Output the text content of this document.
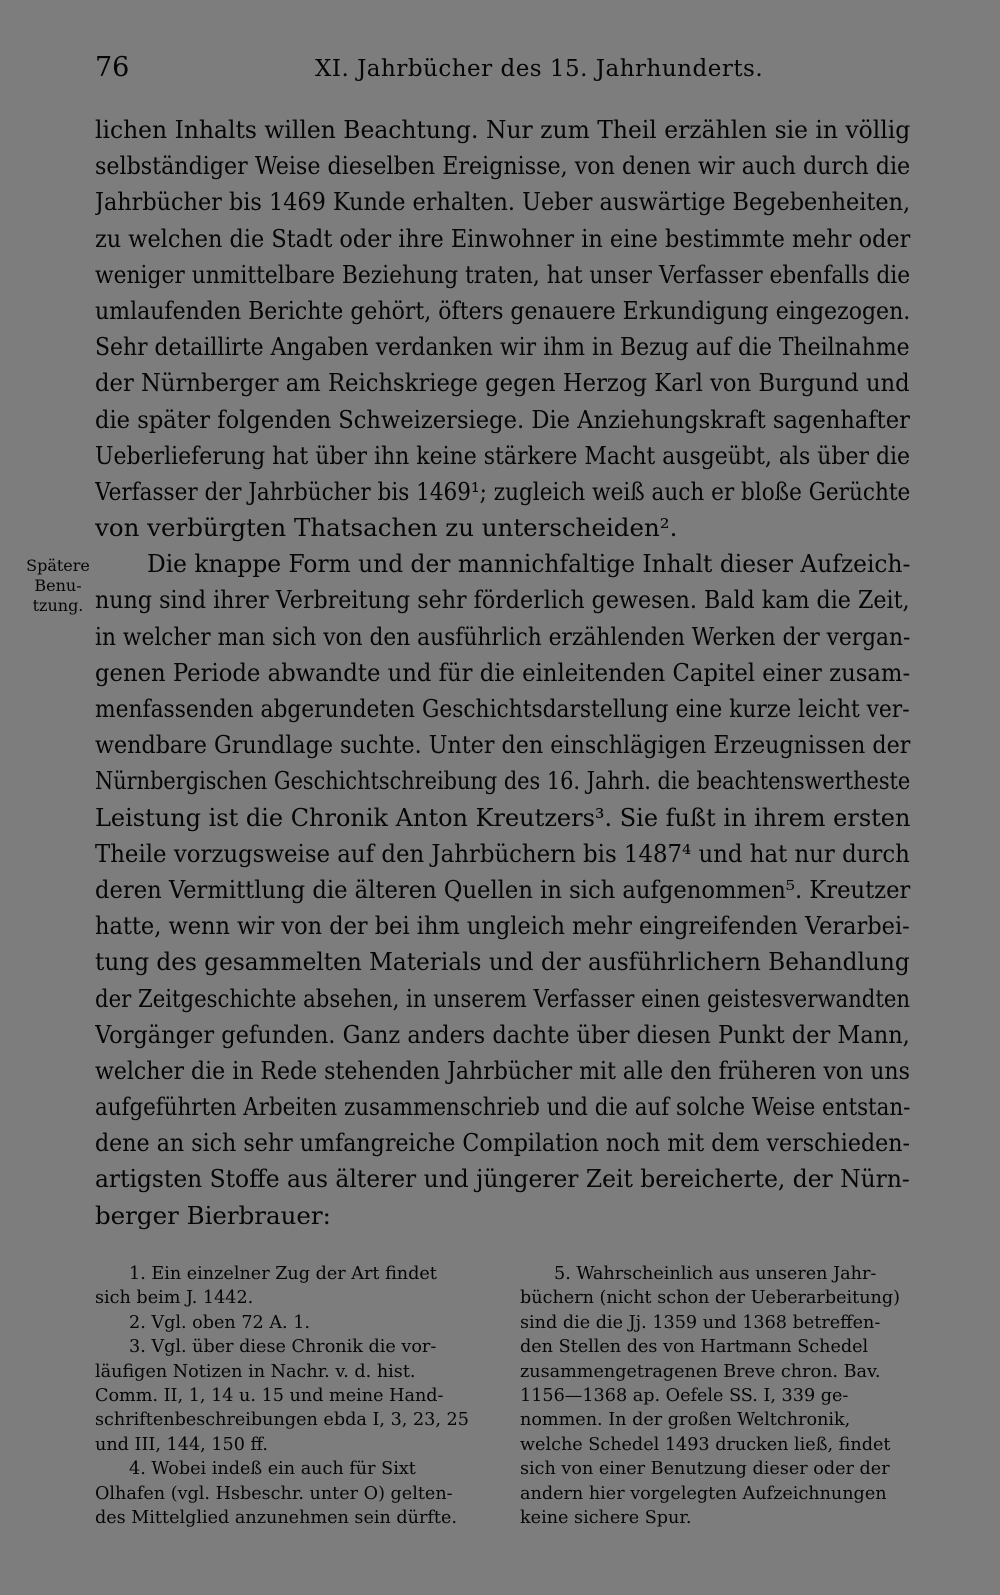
76	XI. Jahrbücher des 15. Jahrhunderts.
Spätere
Benu-
tzung.
lichen Inhalts willen Beachtung. Nur zum Theil erzählen sie in völlig
selbständiger Weise dieselben Ereignisse, von denen wir auch durch die
Jahrbücher bis 1469 Kunde erhalten. Ueber auswärtige Begebenheiten,
zu welchen die Stadt oder ihre Einwohner in eine bestimmte mehr oder
weniger unmittelbare Beziehung traten, hat unser Verfasser ebenfalls die
umlaufenden Berichte gehört, öfters genauere Erkundigung eingezogen.
Sehr detaillirte Angaben verdanken wir ihm in Bezug auf die Theilnahme
der Nürnberger am Reichskriege gegen Herzog Karl von Burgund und
die später folgenden Schweizersiege. Die Anziehungskraft sagenhafter
Ueberlieferung hat über ihn keine stärkere Macht ausgeübt, als über die
Verfasser der Jahrbücher bis 1469¹; zugleich weiß auch er bloße Gerüchte
von verbürgten Thatsachen zu unterscheiden².
Die knappe Form und der mannichfaltige Inhalt dieser Aufzeich-
nung sind ihrer Verbreitung sehr förderlich gewesen. Bald kam die Zeit,
in welcher man sich von den ausführlich erzählenden Werken der vergan-
genen Periode abwandte und für die einleitenden Capitel einer zusam-
menfassenden abgerundeten Geschichtsdarstellung eine kurze leicht ver-
wendbare Grundlage suchte. Unter den einschlägigen Erzeugnissen der
Nürnbergischen Geschichtschreibung des 16. Jahrh. die beachtenswertheste
Leistung ist die Chronik Anton Kreutzers³. Sie fußt in ihrem ersten
Theile vorzugsweise auf den Jahrbüchern bis 1487⁴ und hat nur durch
deren Vermittlung die älteren Quellen in sich aufgenommen⁵. Kreutzer
hatte, wenn wir von der bei ihm ungleich mehr eingreifenden Verarbei-
tung des gesammelten Materials und der ausführlichern Behandlung
der Zeitgeschichte absehen, in unserem Verfasser einen geistesverwandten
Vorgänger gefunden. Ganz anders dachte über diesen Punkt der Mann,
welcher die in Rede stehenden Jahrbücher mit alle den früheren von uns
aufgeführten Arbeiten zusammenschrieb und die auf solche Weise entstan-
dene an sich sehr umfangreiche Compilation noch mit dem verschieden-
artigsten Stoffe aus älterer und jüngerer Zeit bereicherte, der Nürn-
berger Bierbrauer:
1. Ein einzelner Zug der Art findet
sich beim J. 1442.
2. Vgl. oben 72 A. 1.
3. Vgl. über diese Chronik die vor-
läufigen Notizen in Nachr. v. d. hist.
Comm. II, 1, 14 u. 15 und meine Hand-
schriftenbeschreibungen ebda I, 3, 23, 25
und III, 144, 150 ff.
4. Wobei indeß ein auch für Sixt
Olhafen (vgl. Hsbeschr. unter O) gelten-
des Mittelglied anzunehmen sein dürfte.
5. Wahrscheinlich aus unseren Jahr-
büchern (nicht schon der Ueberarbeitung)
sind die die Jj. 1359 und 1368 betreffen-
den Stellen des von Hartmann Schedel
zusammengetragenen Breve chron. Bav.
1156—1368 ap. Oefele SS. I, 339 ge-
nommen. In der großen Weltchronik,
welche Schedel 1493 drucken ließ, findet
sich von einer Benutzung dieser oder der
andern hier vorgelegten Aufzeichnungen
keine sichere Spur.
